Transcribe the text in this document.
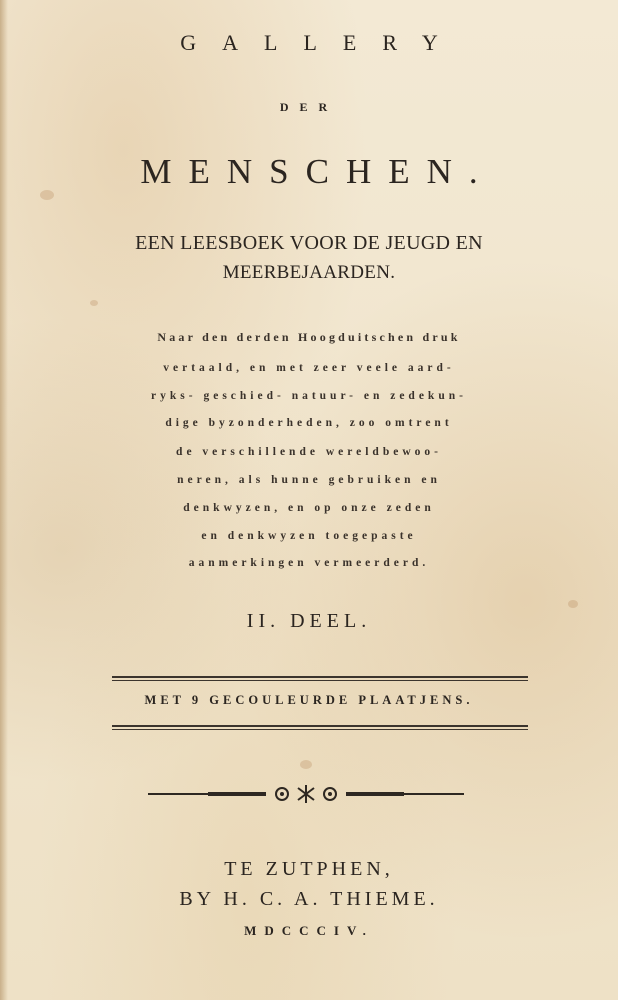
GALLERY
DER
MENSCHEN.
EEN LEESBOEK VOOR DE JEUGD EN
MEERBEJAARDEN.
Naar den derden Hoogduitschen druk
vertaald, en met zeer veele aard-
ryks- geschied- natuur- en zedekun-
dige byzonderheden, zoo omtrent
de verschillende wereldbewoo-
neren, als hunne gebruiken en
denkwyzen, en op onze zeden
en denkwyzen toegepaste
aanmerkingen vermeerderd.
II. DEEL.
MET 9 GECOULEURDE PLAATJENS.
TE ZUTPHEN,
BY H. C. A. THIEME.
MDCCCIV.
